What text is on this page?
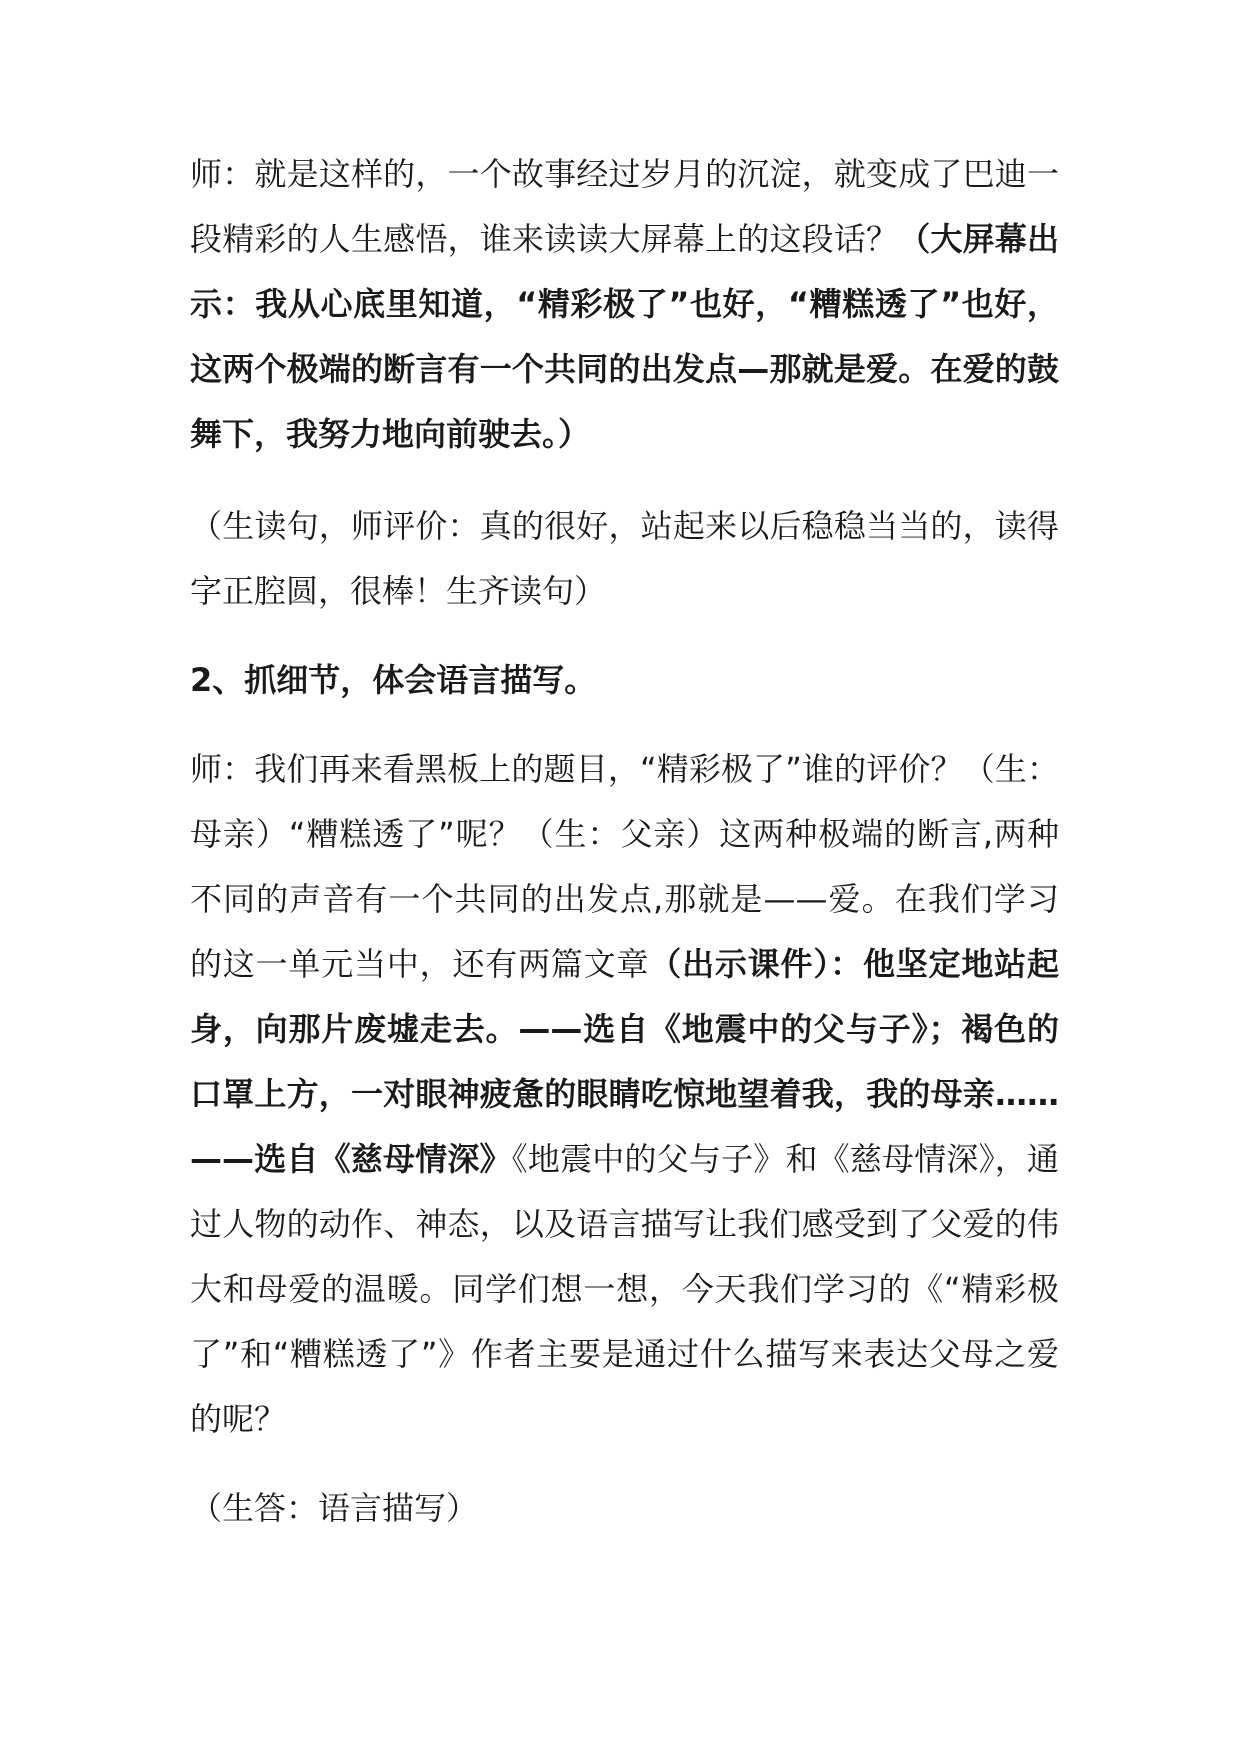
师：就是这样的，一个故事经过岁月的沉淀，就变成了巴迪一段精彩的人生感悟，谁来读读大屏幕上的这段话？（大屏幕出示：我从心底里知道，“精彩极了”也好，“糟糕透了”也好，这两个极端的断言有一个共同的出发点—那就是爱。在爱的鼓舞下，我努力地向前驶去。）

（生读句，师评价：真的很好，站起来以后稳稳当当的，读得字正腔圆，很棒！生齐读句）

2、抓细节，体会语言描写。

师：我们再来看黑板上的题目，“精彩极了”谁的评价？（生：母亲）“糟糕透了”呢？（生：父亲）这两种极端的断言,两种不同的声音有一个共同的出发点,那就是——爱。在我们学习的这一单元当中，还有两篇文章（出示课件）：他坚定地站起身，向那片废墟走去。——选自《地震中的父与子》；褐色的口罩上方，一对眼神疲惫的眼睛吃惊地望着我，我的母亲……——选自《慈母情深》《地震中的父与子》和《慈母情深》，通过人物的动作、神态，以及语言描写让我们感受到了父爱的伟大和母爱的温暖。同学们想一想，今天我们学习的《“精彩极了”和“糟糕透了”》作者主要是通过什么描写来表达父母之爱的呢？

（生答：语言描写）
